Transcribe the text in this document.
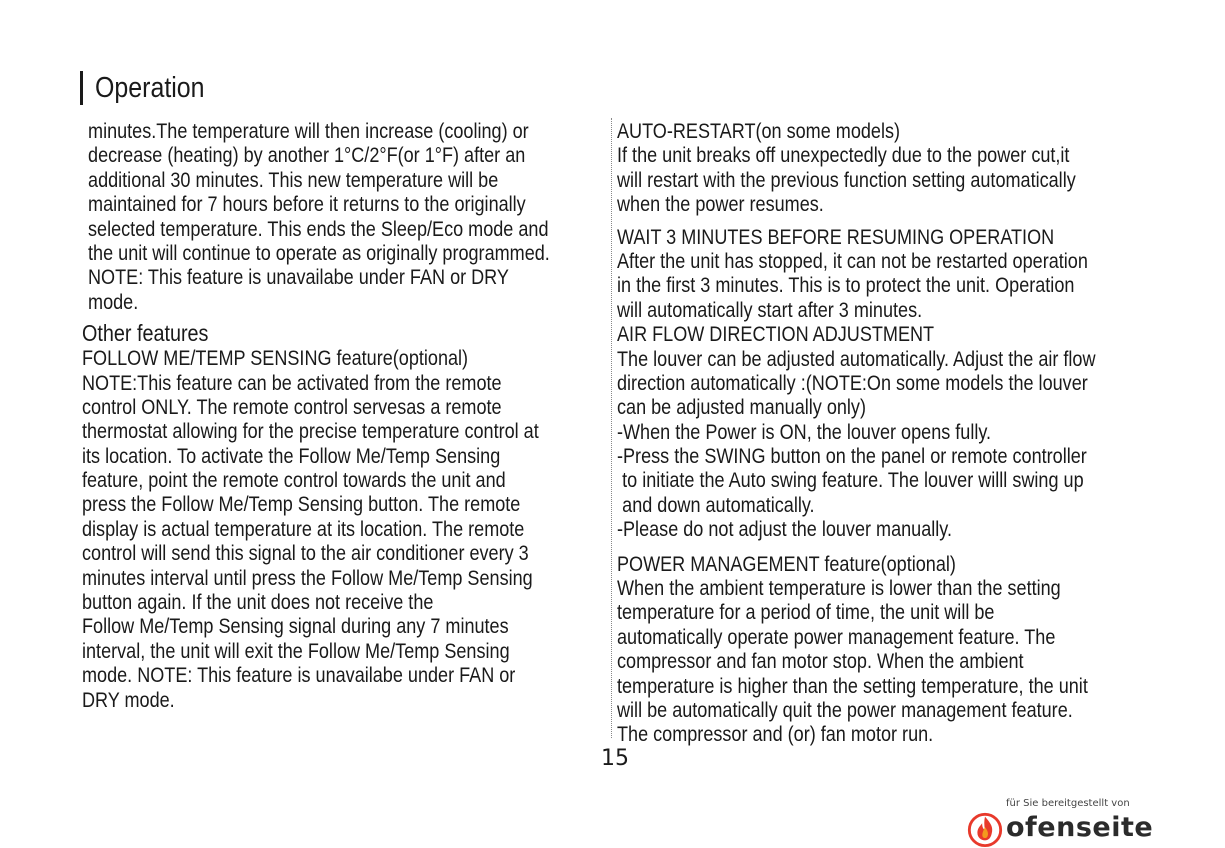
Operation
minutes.The temperature will then increase (cooling) or
decrease (heating) by another 1°C/2°F(or 1°F) after an
additional 30 minutes. This new temperature will be
maintained for 7 hours before it returns to the originally
selected temperature. This ends the Sleep/Eco mode and
the unit will continue to operate as originally programmed.
NOTE: This feature is unavailabe under FAN or DRY
mode.
Other features
FOLLOW ME/TEMP SENSING feature(optional)
NOTE:This feature can be activated from the remote
control ONLY. The remote control servesas a remote
thermostat allowing for the precise temperature control at
its location. To activate the Follow Me/Temp Sensing
feature, point the remote control towards the unit and
press the Follow Me/Temp Sensing button. The remote
display is actual temperature at its location. The remote
control will send this signal to the air conditioner every 3
minutes interval until press the Follow Me/Temp Sensing
button again. If the unit does not receive the
Follow Me/Temp Sensing signal during any 7 minutes
interval, the unit will exit the Follow Me/Temp Sensing
mode. NOTE: This feature is unavailabe under FAN or
DRY mode.
AUTO-RESTART(on some models)
If the unit breaks off unexpectedly due to the power cut,it
will restart with the previous function setting automatically
when the power resumes.
WAIT 3 MINUTES BEFORE RESUMING OPERATION
After the unit has stopped, it can not be restarted operation
in the first 3 minutes. This is to protect the unit. Operation
will automatically start after 3 minutes.
AIR FLOW DIRECTION ADJUSTMENT
The louver can be adjusted automatically. Adjust the air flow
direction automatically :(NOTE:On some models the louver
can be adjusted manually only)
-When the Power is ON, the louver opens fully.
-Press the SWING button on the panel or remote controller
to initiate the Auto swing feature. The louver willl swing up
and down automatically.
-Please do not adjust the louver manually.
POWER MANAGEMENT feature(optional)
When the ambient temperature is lower than the setting
temperature for a period of time, the unit will be
automatically operate power management feature. The
compressor and fan motor stop. When the ambient
temperature is higher than the setting temperature, the unit
will be automatically quit the power management feature.
The compressor and (or) fan motor run.
15
für Sie bereitgestellt von
ofenseite
